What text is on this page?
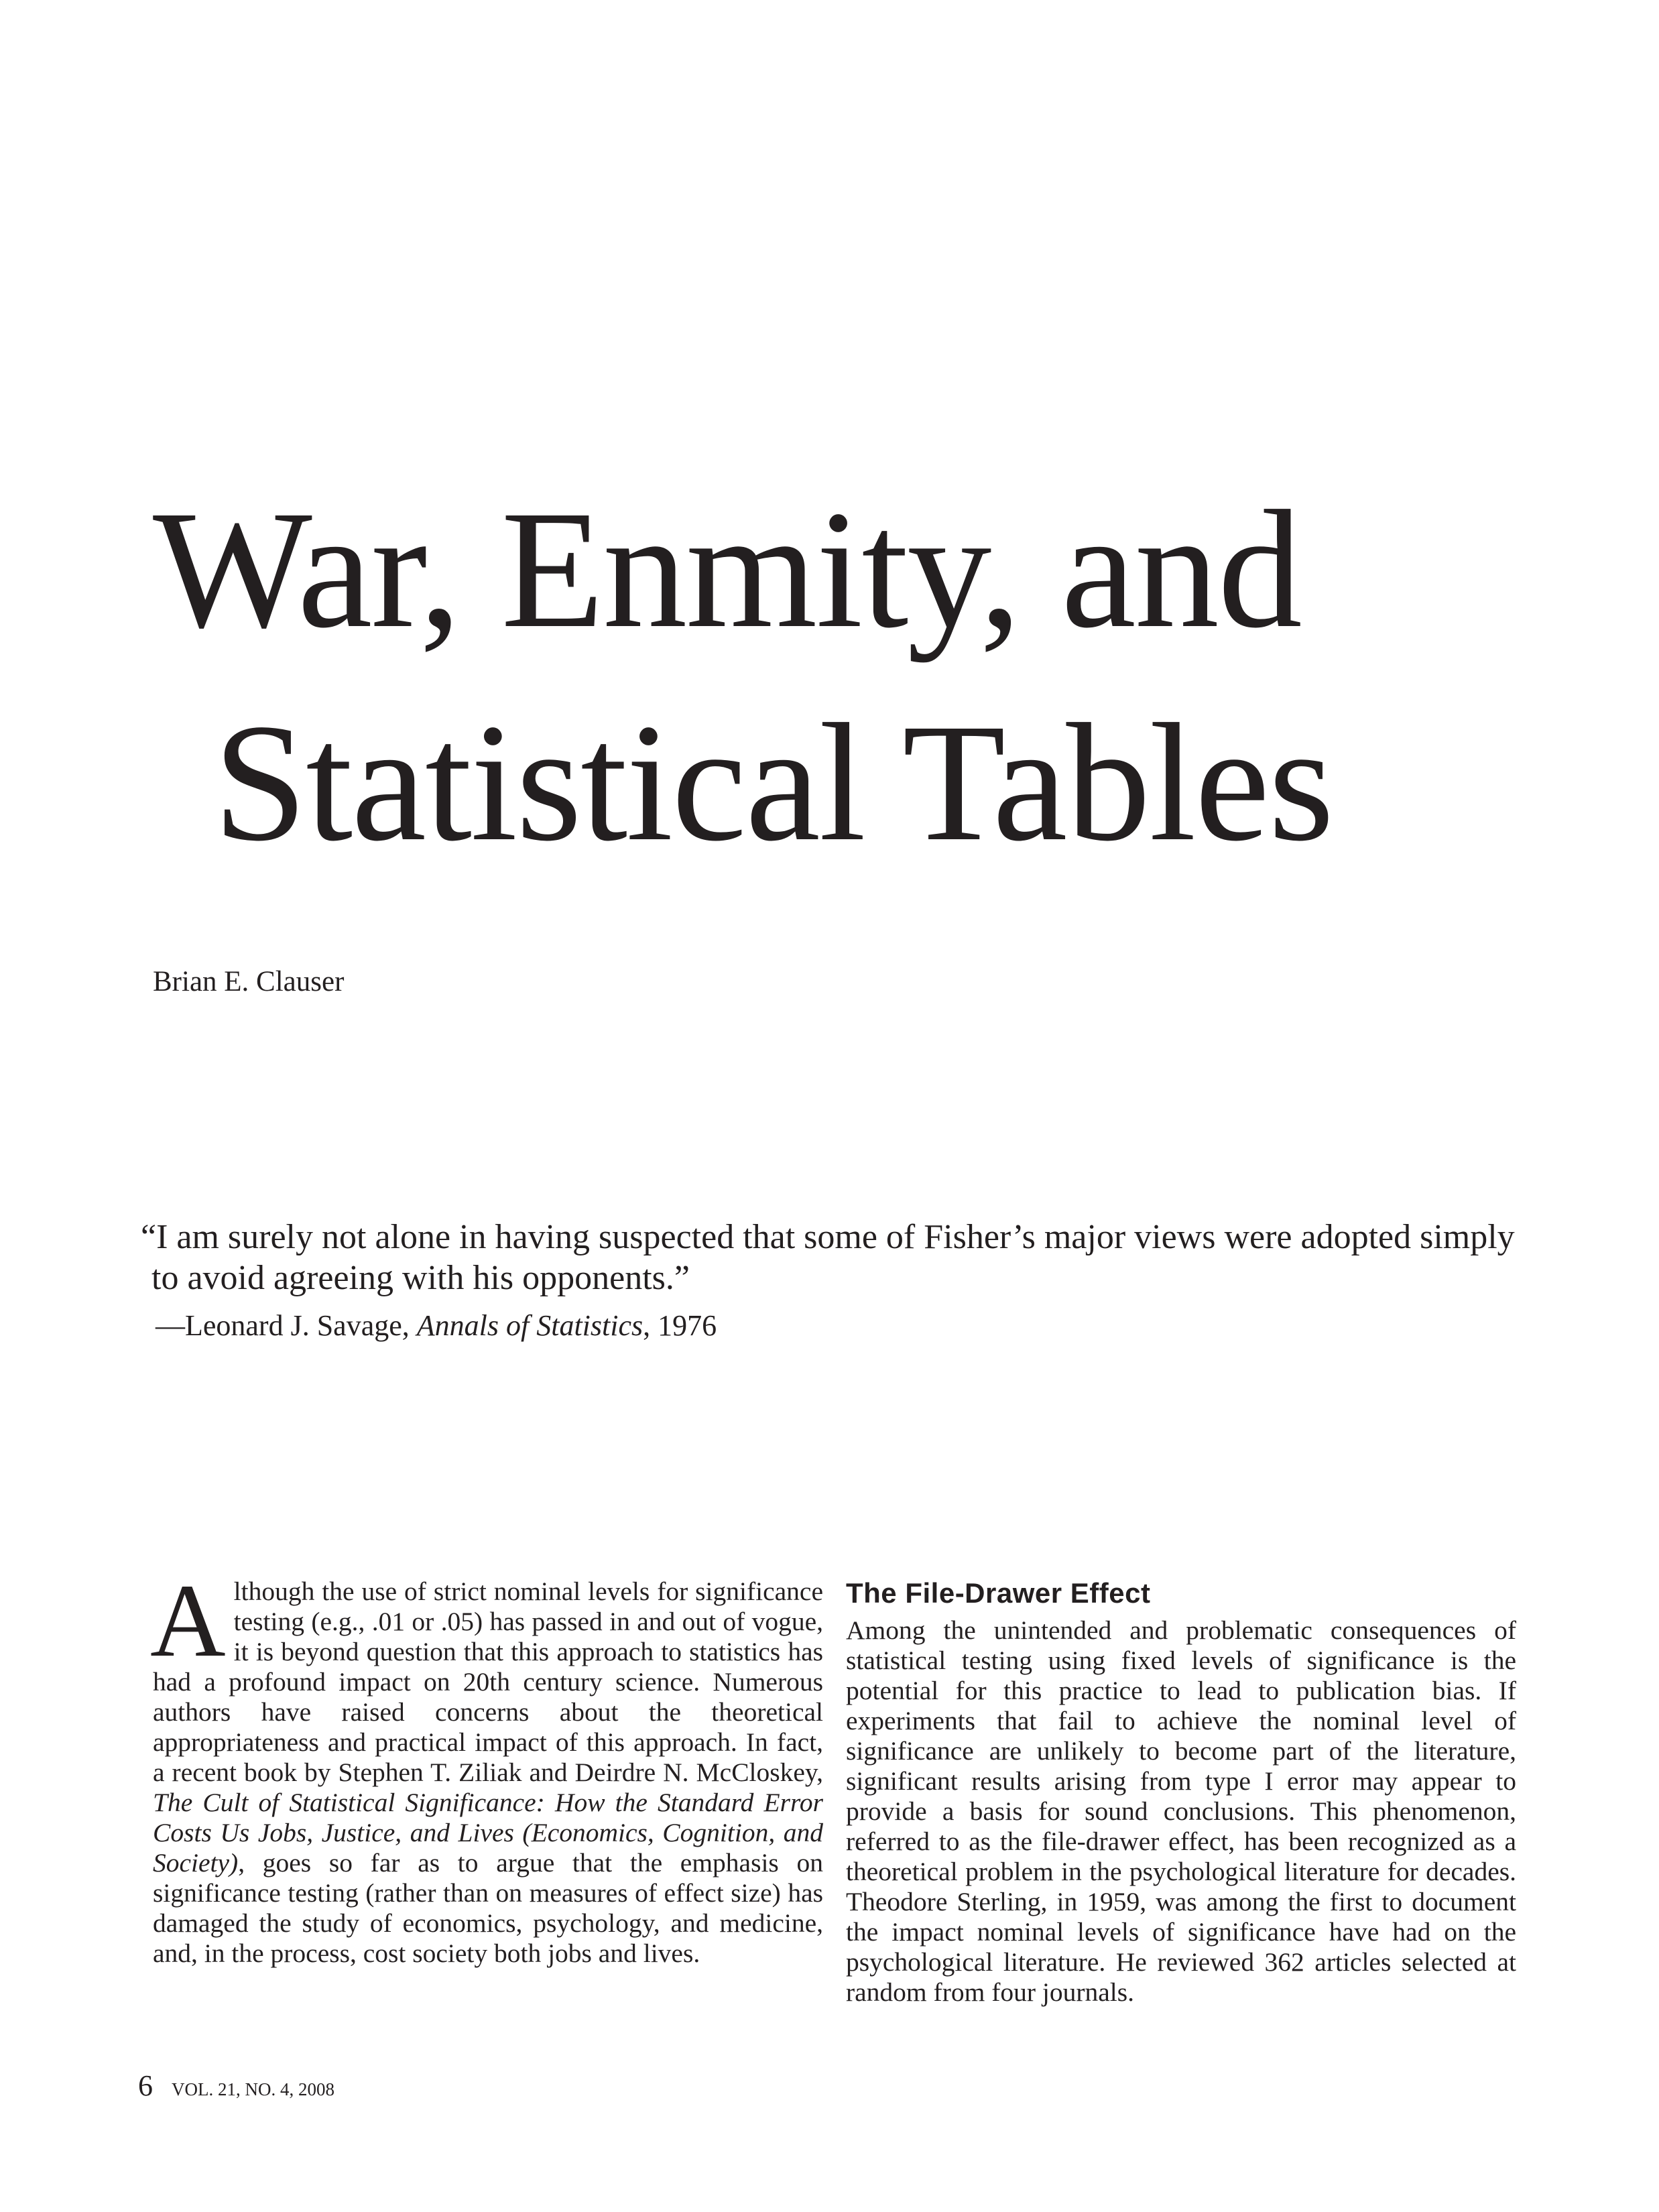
War, Enmity, and
Statistical Tables
Brian E. Clauser

“I am surely not alone in having suspected that some of Fisher’s major views were adopted simply
to avoid agreeing with his opponents.”

—Leonard J. Savage, Annals of Statistics, 1976

A lthough the use of strict nominal levels for significance testing (e.g., .01 or .05) has passed in and out of vogue, it is beyond question that this approach to statistics has had a profound impact on 20th century science. Numerous authors have raised concerns about the theoretical appropriateness and practical impact of this approach. In fact, a recent book by Stephen T. Ziliak and Deirdre N. McCloskey, The Cult of Statistical Significance: How the Standard Error Costs Us Jobs, Justice, and Lives (Economics, Cognition, and Society), goes so far as to argue that the emphasis on significance testing (rather than on measures of effect size) has damaged the study of economics, psychology, and medicine, and, in the process, cost society both jobs and lives.

The File-Drawer Effect

Among the unintended and problematic consequences of statistical testing using fixed levels of significance is the potential for this practice to lead to publication bias. If experiments that fail to achieve the nominal level of significance are unlikely to become part of the literature, significant results arising from type I error may appear to provide a basis for sound conclusions. This phenomenon, referred to as the file-drawer effect, has been recognized as a theoretical problem in the psychological literature for decades. Theodore Sterling, in 1959, was among the first to document the impact nominal levels of significance have had on the psychological literature. He reviewed 362 articles selected at random from four journals.

6 VOL. 21, NO. 4, 2008
